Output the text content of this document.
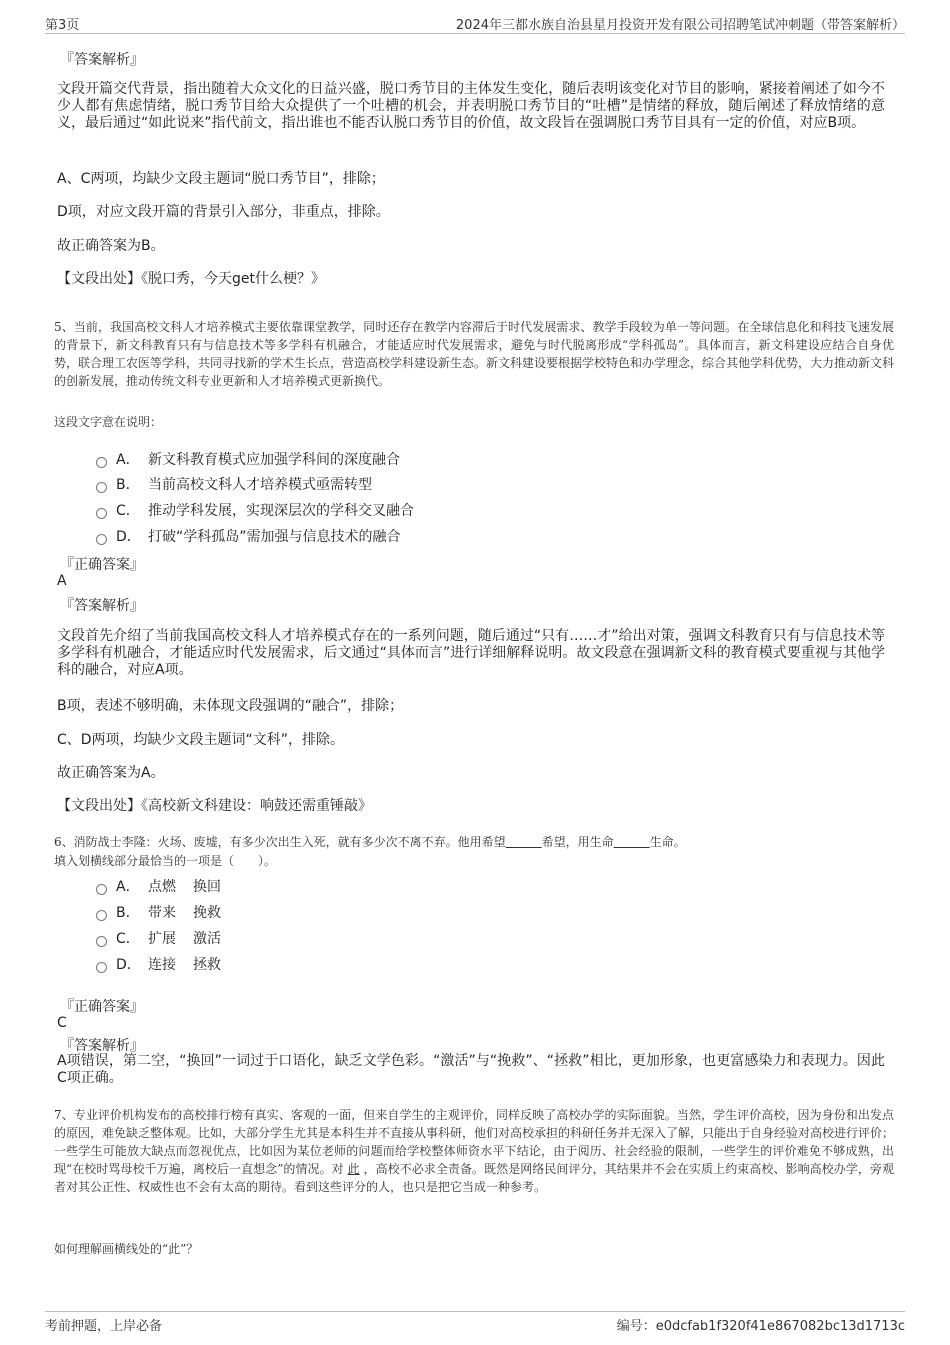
第3页	2024年三都水族自治县星月投资开发有限公司招聘笔试冲刺题（带答案解析）
『答案解析』

文段开篇交代背景，指出随着大众文化的日益兴盛，脱口秀节目的主体发生变化，随后表明该变化对节目的影响，紧接着阐述了如今不少人都有焦虑情绪，脱口秀节目给大众提供了一个吐槽的机会，并表明脱口秀节目的“吐槽”是情绪的释放，随后阐述了释放情绪的意义，最后通过“如此说来”指代前文，指出谁也不能否认脱口秀节目的价值，故文段旨在强调脱口秀节目具有一定的价值，对应B项。

A、C两项，均缺少文段主题词“脱口秀节目”，排除；
D项，对应文段开篇的背景引入部分，非重点，排除。
故正确答案为B。
【文段出处】《脱口秀，今天get什么梗？》
5、当前，我国高校文科人才培养模式主要依靠课堂教学，同时还存在教学内容滞后于时代发展需求、教学手段较为单一等问题。在全球信息化和科技飞速发展的背景下，新文科教育只有与信息技术等多学科有机融合，才能适应时代发展需求，避免与时代脱离形成“学科孤岛”。具体而言，新文科建设应结合自身优势，联合理工农医等学科，共同寻找新的学术生长点，营造高校学科建设新生态。新文科建设要根据学校特色和办学理念，综合其他学科优势，大力推动新文科的创新发展，推动传统文科专业更新和人才培养模式更新换代。
这段文字意在说明：
A． 新文科教育模式应加强学科间的深度融合
B． 当前高校文科人才培养模式亟需转型
C． 推动学科发展，实现深层次的学科交叉融合
D． 打破“学科孤岛”需加强与信息技术的融合
『正确答案』
A
『答案解析』

文段首先介绍了当前我国高校文科人才培养模式存在的一系列问题，随后通过“只有……才”给出对策，强调文科教育只有与信息技术等多学科有机融合，才能适应时代发展需求，后文通过“具体而言”进行详细解释说明。故文段意在强调新文科的教育模式要重视与其他学科的融合，对应A项。

B项，表述不够明确，未体现文段强调的“融合”，排除；
C、D两项，均缺少文段主题词“文科”，排除。
故正确答案为A。
【文段出处】《高校新文科建设：响鼓还需重锤敲》
6、消防战士李隆：火场、废墟，有多少次出生入死，就有多少次不离不弃。他用希望      	希望，用生命      	生命。
填入划横线部分最恰当的一项是（　　）。
A． 点燃	换回
B． 带来	挽救
C． 扩展	激活
D． 连接	拯救
『正确答案』
C
『答案解析』

A项错误，第二空，“换回”一词过于口语化，缺乏文学色彩。“激活”与“挽救”、“拯救”相比，更加形象，也更富感染力和表现力。因此C项正确。

7、专业评价机构发布的高校排行榜有真实、客观的一面，但来自学生的主观评价，同样反映了高校办学的实际面貌。当然，学生评价高校，因为身份和出发点的原因，难免缺乏整体观。比如，大部分学生尤其是本科生并不直接从事科研，他们对高校承担的科研任务并无深入了解，只能出于自身经验对高校进行评价；一些学生可能放大缺点而忽视优点，比如因为某位老师的问题而给学校整体师资水平下结论，由于阅历、社会经验的限制，一些学生的评价难免不够成熟，出现“在校时骂母校千万遍，离校后一直想念”的情况。对 此 ，高校不必求全责备。既然是网络民间评分，其结果并不会在实质上约束高校、影响高校办学，旁观者对其公正性、权威性也不会有太高的期待。看到这些评分的人，也只是把它当成一种参考。
如何理解画横线处的“此”？
考前押题，上岸必备	编号：e0dcfab1f320f41e867082bc13d1713c
